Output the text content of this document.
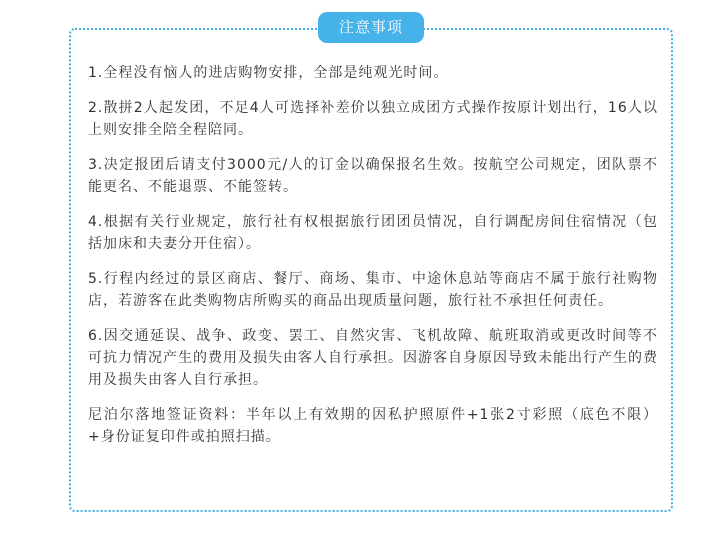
注意事项
1.全程没有恼人的进店购物安排，全部是纯观光时间。
2.散拼2人起发团，不足4人可选择补差价以独立成团方式操作按原计划出行，16人以上则安排全陪全程陪同。
3.决定报团后请支付3000元/人的订金以确保报名生效。按航空公司规定，团队票不能更名、不能退票、不能签转。
4.根据有关行业规定，旅行社有权根据旅行团团员情况，自行调配房间住宿情况（包括加床和夫妻分开住宿）。
5.行程内经过的景区商店、餐厅、商场、集市、中途休息站等商店不属于旅行社购物店，若游客在此类购物店所购买的商品出现质量问题，旅行社不承担任何责任。
6.因交通延误、战争、政变、罢工、自然灾害、飞机故障、航班取消或更改时间等不可抗力情况产生的费用及损失由客人自行承担。因游客自身原因导致未能出行产生的费用及损失由客人自行承担。
尼泊尔落地签证资料：半年以上有效期的因私护照原件+1张2寸彩照（底色不限）+身份证复印件或拍照扫描。
